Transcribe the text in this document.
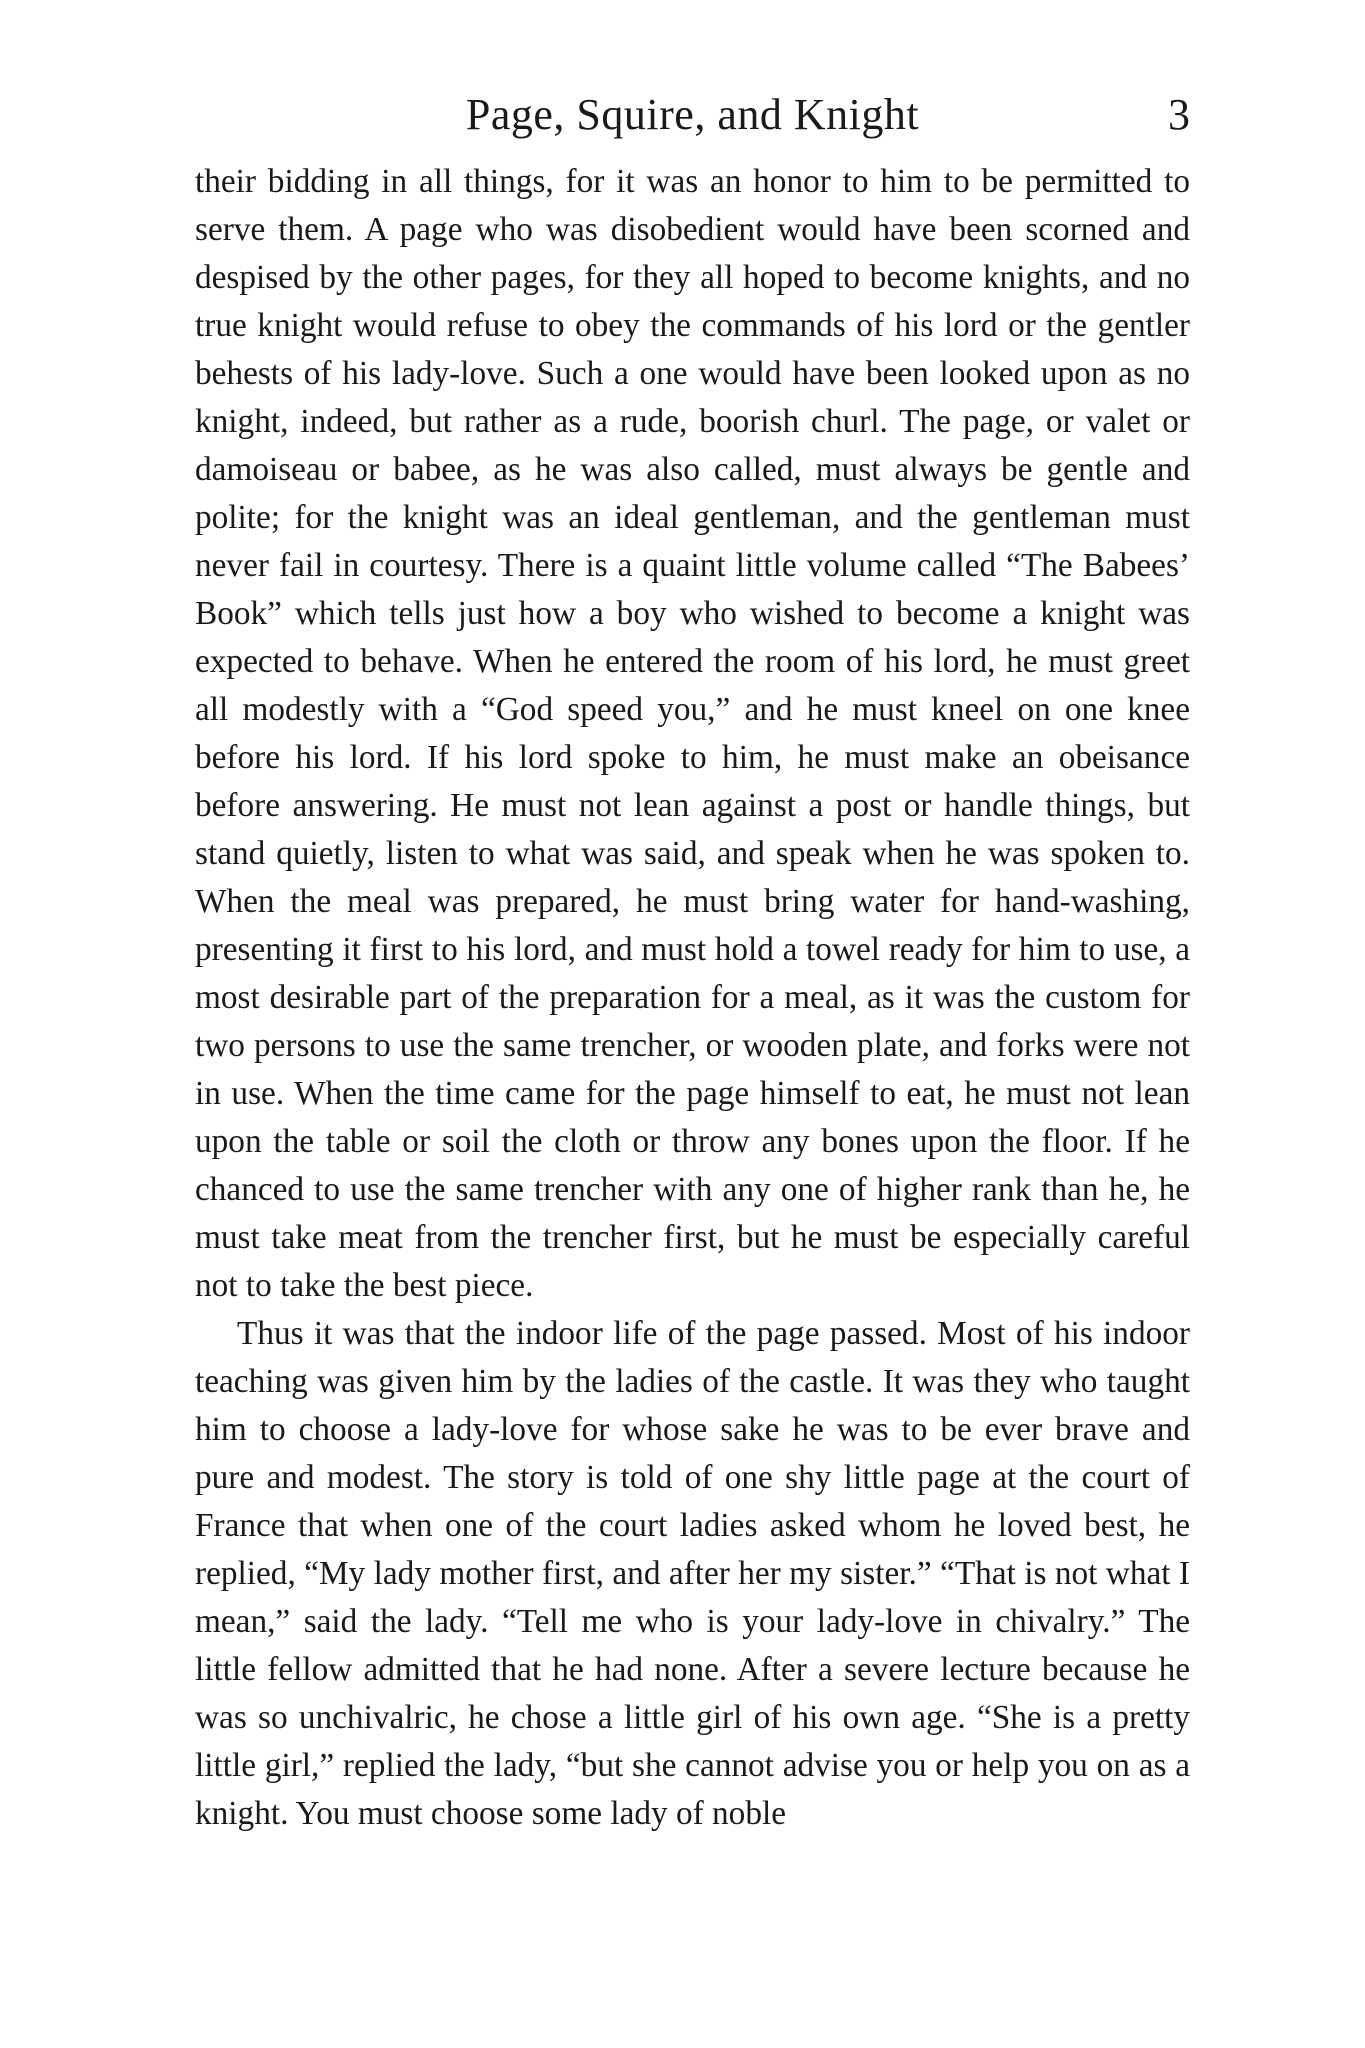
Page, Squire, and Knight	3

their bidding in all things, for it was an honor to him to be permitted to serve them. A page who was disobedient would have been scorned and despised by the other pages, for they all hoped to become knights, and no true knight would refuse to obey the commands of his lord or the gentler behests of his lady-love. Such a one would have been looked upon as no knight, indeed, but rather as a rude, boorish churl. The page, or valet or damoiseau or babee, as he was also called, must always be gentle and polite; for the knight was an ideal gentleman, and the gentleman must never fail in courtesy. There is a quaint little volume called “The Babees’ Book” which tells just how a boy who wished to become a knight was expected to behave. When he entered the room of his lord, he must greet all modestly with a “God speed you,” and he must kneel on one knee before his lord. If his lord spoke to him, he must make an obeisance before answering. He must not lean against a post or handle things, but stand quietly, listen to what was said, and speak when he was spoken to. When the meal was prepared, he must bring water for hand-washing, presenting it first to his lord, and must hold a towel ready for him to use, a most desirable part of the preparation for a meal, as it was the custom for two persons to use the same trencher, or wooden plate, and forks were not in use. When the time came for the page himself to eat, he must not lean upon the table or soil the cloth or throw any bones upon the floor. If he chanced to use the same trencher with any one of higher rank than he, he must take meat from the trencher first, but he must be especially careful not to take the best piece.

Thus it was that the indoor life of the page passed. Most of his indoor teaching was given him by the ladies of the castle. It was they who taught him to choose a lady-love for whose sake he was to be ever brave and pure and modest. The story is told of one shy little page at the court of France that when one of the court ladies asked whom he loved best, he replied, “My lady mother first, and after her my sister.” “That is not what I mean,” said the lady. “Tell me who is your lady-love in chivalry.” The little fellow admitted that he had none. After a severe lecture because he was so unchivalric, he chose a little girl of his own age. “She is a pretty little girl,” replied the lady, “but she cannot advise you or help you on as a knight. You must choose some lady of noble
